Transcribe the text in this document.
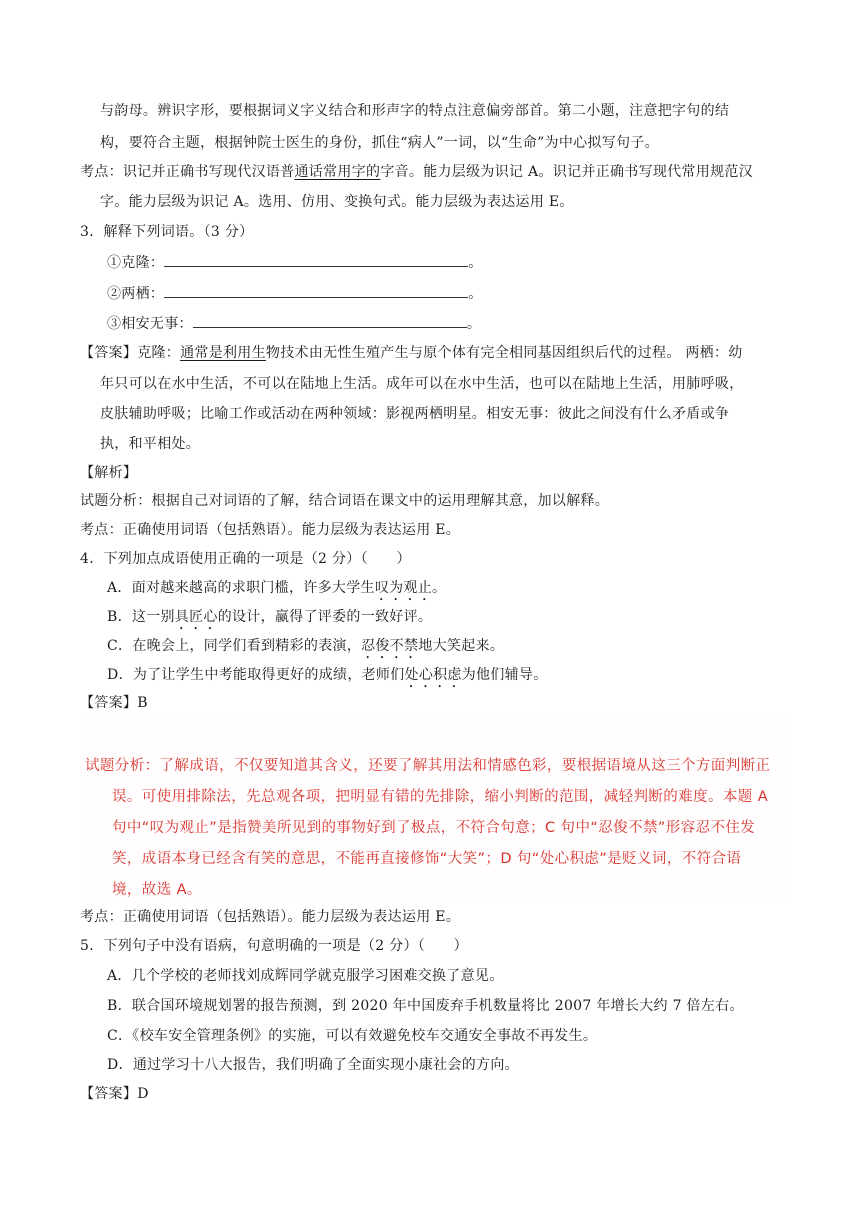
与韵母。辨识字形，要根据词义字义结合和形声字的特点注意偏旁部首。第二小题，注意把字句的结
构，要符合主题，根据钟院士医生的身份，抓住“病人”一词，以“生命”为中心拟写句子。
考点：识记并正确书写现代汉语普通话常用字的字音。能力层级为识记 A。识记并正确书写现代常用规范汉
字。能力层级为识记 A。选用、仿用、变换句式。能力层级为表达运用 E。
3．解释下列词语。（3 分）
①克隆：	。
②两栖：	。
③相安无事：	。
【答案】克隆：通常是利用生物技术由无性生殖产生与原个体有完全相同基因组织后代的过程。 两栖：幼
年只可以在水中生活，不可以在陆地上生活。成年可以在水中生活，也可以在陆地上生活，用肺呼吸，
皮肤辅助呼吸；比喻工作或活动在两种领域：影视两栖明星。相安无事：彼此之间没有什么矛盾或争
执，和平相处。
【解析】
试题分析：根据自己对词语的了解，结合词语在课文中的运用理解其意，加以解释。
考点：正确使用词语（包括熟语）。能力层级为表达运用 E。
4．下列加点成语使用正确的一项是（2 分）（　　）
A．面对越来越高的求职门槛，许多大学生叹为观止。
B．这一别具匠心的设计，赢得了评委的一致好评。
C．在晚会上，同学们看到精彩的表演，忍俊不禁地大笑起来。
D．为了让学生中考能取得更好的成绩，老师们处心积虑为他们辅导。
【答案】B
试题分析：了解成语，不仅要知道其含义，还要了解其用法和情感色彩，要根据语境从这三个方面判断正
误。可使用排除法，先总观各项，把明显有错的先排除，缩小判断的范围，减轻判断的难度。本题 A
句中“叹为观止”是指赞美所见到的事物好到了极点，不符合句意；C 句中“忍俊不禁”形容忍不住发
笑，成语本身已经含有笑的意思，不能再直接修饰“大笑”；D 句“处心积虑”是贬义词，不符合语
境，故选 A。
考点：正确使用词语（包括熟语）。能力层级为表达运用 E。
5．下列句子中没有语病，句意明确的一项是（2 分）（　　）
A．几个学校的老师找刘成辉同学就克服学习困难交换了意见。
B．联合国环境规划署的报告预测，到 2020 年中国废弃手机数量将比 2007 年增长大约 7 倍左右。
C．《校车安全管理条例》的实施，可以有效避免校车交通安全事故不再发生。
D．通过学习十八大报告，我们明确了全面实现小康社会的方向。
【答案】D
